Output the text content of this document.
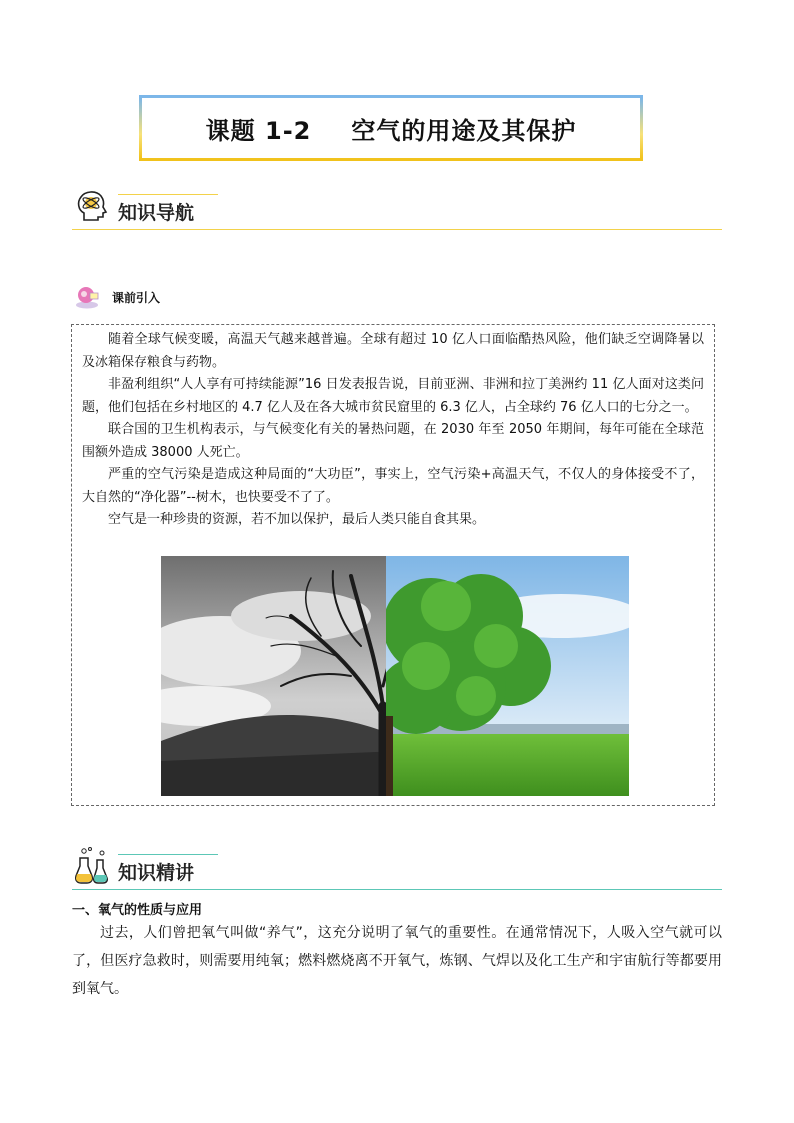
课题 1-2 空气的用途及其保护
知识导航
课前引入

随着全球气候变暖，高温天气越来越普遍。全球有超过 10 亿人口面临酷热风险，他们缺乏空调降暑以及冰箱保存粮食与药物。

非盈利组织“人人享有可持续能源”16 日发表报告说，目前亚洲、非洲和拉丁美洲约 11 亿人面对这类问题，他们包括在乡村地区的 4.7 亿人及在各大城市贫民窟里的 6.3 亿人，占全球约 76 亿人口的七分之一。

联合国的卫生机构表示，与气候变化有关的暑热问题，在 2030 年至 2050 年期间，每年可能在全球范围额外造成 38000 人死亡。

严重的空气污染是造成这种局面的“大功臣”，事实上，空气污染+高温天气，不仅人的身体接受不了，大自然的“净化器”--树木，也快要受不了了。

空气是一种珍贵的资源，若不加以保护，最后人类只能自食其果。

知识精讲
一、氧气的性质与应用

过去，人们曾把氧气叫做“养气”，这充分说明了氧气的重要性。在通常情况下，人吸入空气就可以了，但医疗急救时，则需要用纯氧；燃料燃烧离不开氧气，炼钢、气焊以及化工生产和宇宙航行等都要用到氧气。
